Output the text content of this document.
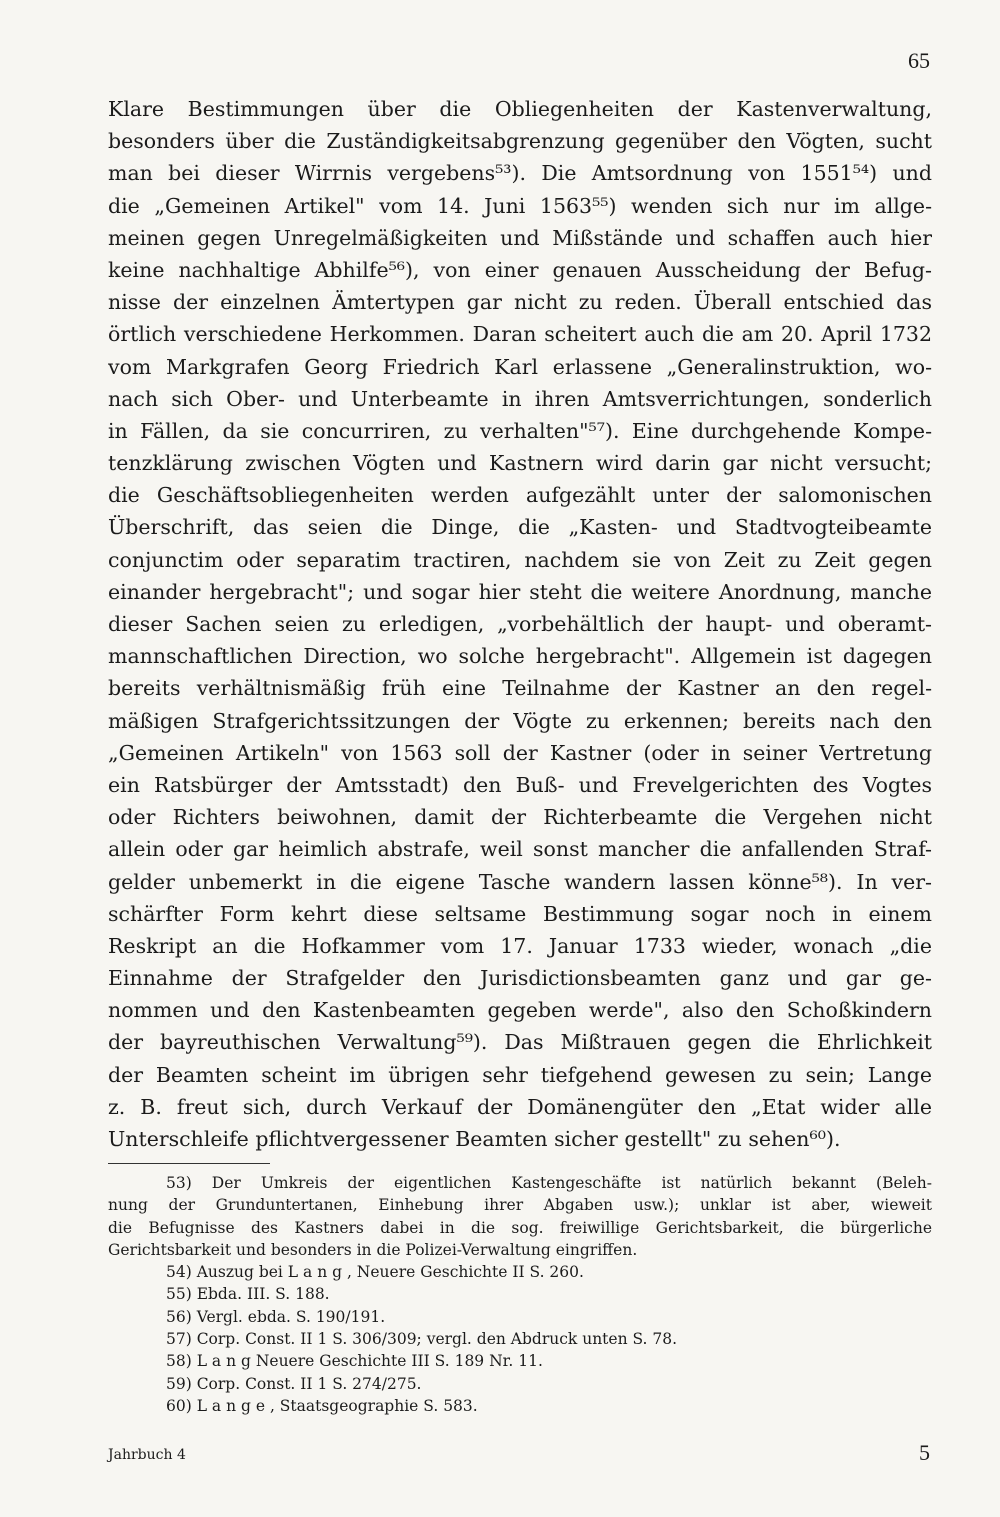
65
Klare Bestimmungen über die Obliegenheiten der Kastenverwaltung,
besonders über die Zuständigkeitsabgrenzung gegenüber den Vögten, sucht
man bei dieser Wirrnis vergebens⁵³). Die Amtsordnung von 1551⁵⁴) und
die „Gemeinen Artikel" vom 14. Juni 1563⁵⁵) wenden sich nur im allge-
meinen gegen Unregelmäßigkeiten und Mißstände und schaffen auch hier
keine nachhaltige Abhilfe⁵⁶), von einer genauen Ausscheidung der Befug-
nisse der einzelnen Ämtertypen gar nicht zu reden. Überall entschied das
örtlich verschiedene Herkommen. Daran scheitert auch die am 20. April 1732
vom Markgrafen Georg Friedrich Karl erlassene „Generalinstruktion, wo-
nach sich Ober- und Unterbeamte in ihren Amtsverrichtungen, sonderlich
in Fällen, da sie concurriren, zu verhalten"⁵⁷). Eine durchgehende Kompe-
tenzklärung zwischen Vögten und Kastnern wird darin gar nicht versucht;
die Geschäftsobliegenheiten werden aufgezählt unter der salomonischen
Überschrift, das seien die Dinge, die „Kasten- und Stadtvogteibeamte
conjunctim oder separatim tractiren, nachdem sie von Zeit zu Zeit gegen
einander hergebracht"; und sogar hier steht die weitere Anordnung, manche
dieser Sachen seien zu erledigen, „vorbehältlich der haupt- und oberamt-
mannschaftlichen Direction, wo solche hergebracht". Allgemein ist dagegen
bereits verhältnismäßig früh eine Teilnahme der Kastner an den regel-
mäßigen Strafgerichtssitzungen der Vögte zu erkennen; bereits nach den
„Gemeinen Artikeln" von 1563 soll der Kastner (oder in seiner Vertretung
ein Ratsbürger der Amtsstadt) den Buß- und Frevelgerichten des Vogtes
oder Richters beiwohnen, damit der Richterbeamte die Vergehen nicht
allein oder gar heimlich abstrafe, weil sonst mancher die anfallenden Straf-
gelder unbemerkt in die eigene Tasche wandern lassen könne⁵⁸). In ver-
schärfter Form kehrt diese seltsame Bestimmung sogar noch in einem
Reskript an die Hofkammer vom 17. Januar 1733 wieder, wonach „die
Einnahme der Strafgelder den Jurisdictionsbeamten ganz und gar ge-
nommen und den Kastenbeamten gegeben werde", also den Schoßkindern
der bayreuthischen Verwaltung⁵⁹). Das Mißtrauen gegen die Ehrlichkeit
der Beamten scheint im übrigen sehr tiefgehend gewesen zu sein; Lange
z. B. freut sich, durch Verkauf der Domänengüter den „Etat wider alle
Unterschleife pflichtvergessener Beamten sicher gestellt" zu sehen⁶⁰).
53) Der Umkreis der eigentlichen Kastengeschäfte ist natürlich bekannt (Beleh-
nung der Grunduntertanen, Einhebung ihrer Abgaben usw.); unklar ist aber, wieweit
die Befugnisse des Kastners dabei in die sog. freiwillige Gerichtsbarkeit, die bürgerliche
Gerichtsbarkeit und besonders in die Polizei-Verwaltung eingriffen.
54) Auszug bei L a n g , Neuere Geschichte II S. 260.
55) Ebda. III. S. 188.
56) Vergl. ebda. S. 190/191.
57) Corp. Const. II 1 S. 306/309; vergl. den Abdruck unten S. 78.
58) L a n g Neuere Geschichte III S. 189 Nr. 11.
59) Corp. Const. II 1 S. 274/275.
60) L a n g e , Staatsgeographie S. 583.
Jahrbuch 4	5
